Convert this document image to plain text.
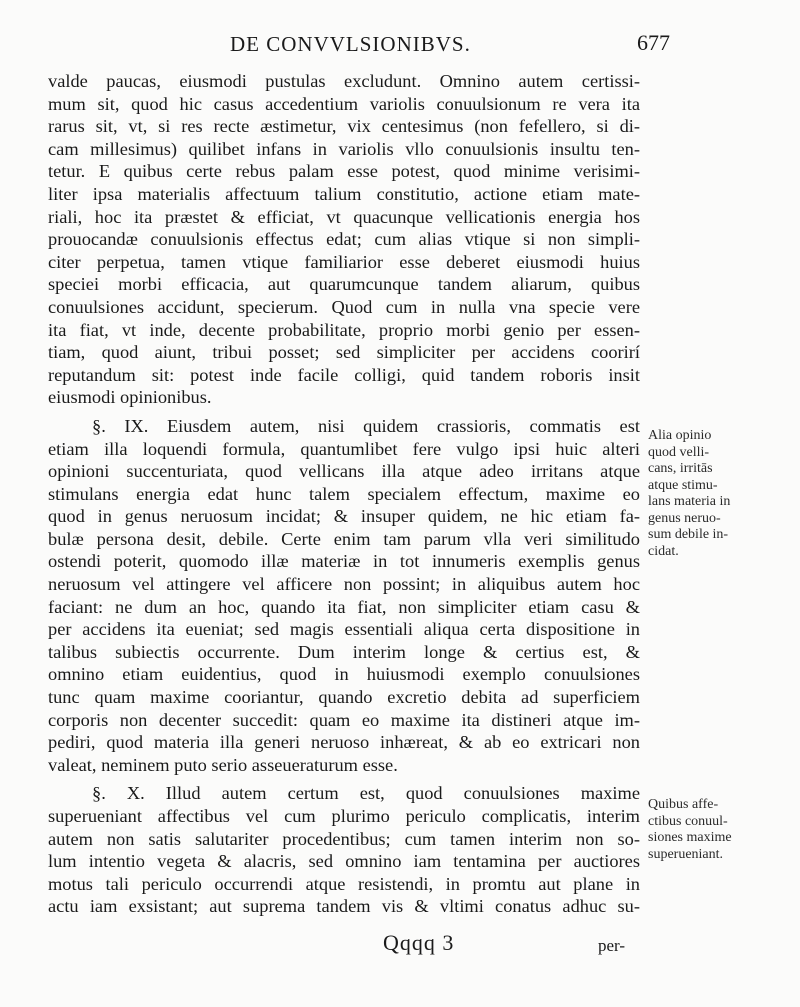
DE CONVVLSIONIBVS.	677
valde paucas, eiusmodi pustulas excludunt. Omnino autem certissi-
mum sit, quod hic casus accedentium variolis conuulsionum re vera ita
rarus sit, vt, si res recte æstimetur, vix centesimus (non fefellero, si di-
cam millesimus) quilibet infans in variolis vllo conuulsionis insultu ten-
tetur. E quibus certe rebus palam esse potest, quod minime verisimi-
liter ipsa materialis affectuum talium constitutio, actione etiam mate-
riali, hoc ita præstet & efficiat, vt quacunque vellicationis energia hos
prouocandæ conuulsionis effectus edat; cum alias vtique si non simpli-
citer perpetua, tamen vtique familiarior esse deberet eiusmodi huius
speciei morbi efficacia, aut quarumcunque tandem aliarum, quibus
conuulsiones accidunt, specierum. Quod cum in nulla vna specie vere
ita fiat, vt inde, decente probabilitate, proprio morbi genio per essen-
tiam, quod aiunt, tribui posset; sed simpliciter per accidens coorirí
reputandum sit: potest inde facile colligi, quid tandem roboris insit
eiusmodi opinionibus.
§. IX. Eiusdem autem, nisi quidem crassioris, commatis est
etiam illa loquendi formula, quantumlibet fere vulgo ipsi huic alteri
opinioni succenturiata, quod vellicans illa atque adeo irritans atque
stimulans energia edat hunc talem specialem effectum, maxime eo
quod in genus neruosum incidat; & insuper quidem, ne hic etiam fa-
bulæ persona desit, debile. Certe enim tam parum vlla veri similitudo
ostendi poterit, quomodo illæ materiæ in tot innumeris exemplis genus
neruosum vel attingere vel afficere non possint; in aliquibus autem hoc
faciant: ne dum an hoc, quando ita fiat, non simpliciter etiam casu &
per accidens ita eueniat; sed magis essentiali aliqua certa dispositione in
talibus subiectis occurrente. Dum interim longe & certius est, &
omnino etiam euidentius, quod in huiusmodi exemplo conuulsiones
tunc quam maxime cooriantur, quando excretio debita ad superficiem
corporis non decenter succedit: quam eo maxime ita distineri atque im-
pediri, quod materia illa generi neruoso inhæreat, & ab eo extricari non
valeat, neminem puto serio asseueraturum esse.
§. X. Illud autem certum est, quod conuulsiones maxime
superueniant affectibus vel cum plurimo periculo complicatis, interim
autem non satis salutariter procedentibus; cum tamen interim non so-
lum intentio vegeta & alacris, sed omnino iam tentamina per auctiores
motus tali periculo occurrendi atque resistendi, in promtu aut plane in
actu iam exsistant; aut suprema tandem vis & vltimi conatus adhuc su-
Alia opinio
quod velli-
cans, irritās
atque stimu-
lans materia in
genus neruo-
sum debile in-
cidat.
Quibus affe-
ctibus conuul-
siones maxime
superueniant.
Qqqq 3	per-
